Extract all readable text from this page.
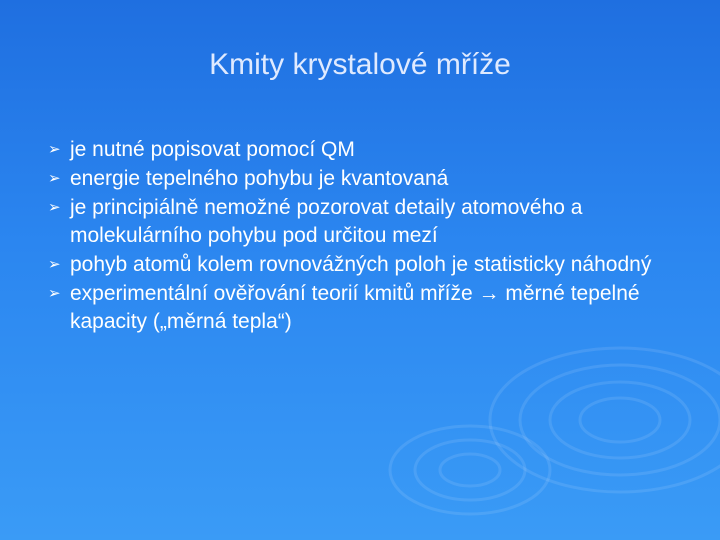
Kmity krystalové mříže
➢ je nutné popisovat pomocí QM
➢ energie tepelného pohybu je kvantovaná
➢ je principiálně nemožné pozorovat detaily atomového a molekulárního pohybu pod určitou mezí
➢ pohyb atomů kolem rovnovážných poloh je statisticky náhodný
➢ experimentální ověřování teorií kmitů mříže → měrné tepelné kapacity („měrná tepla“)
